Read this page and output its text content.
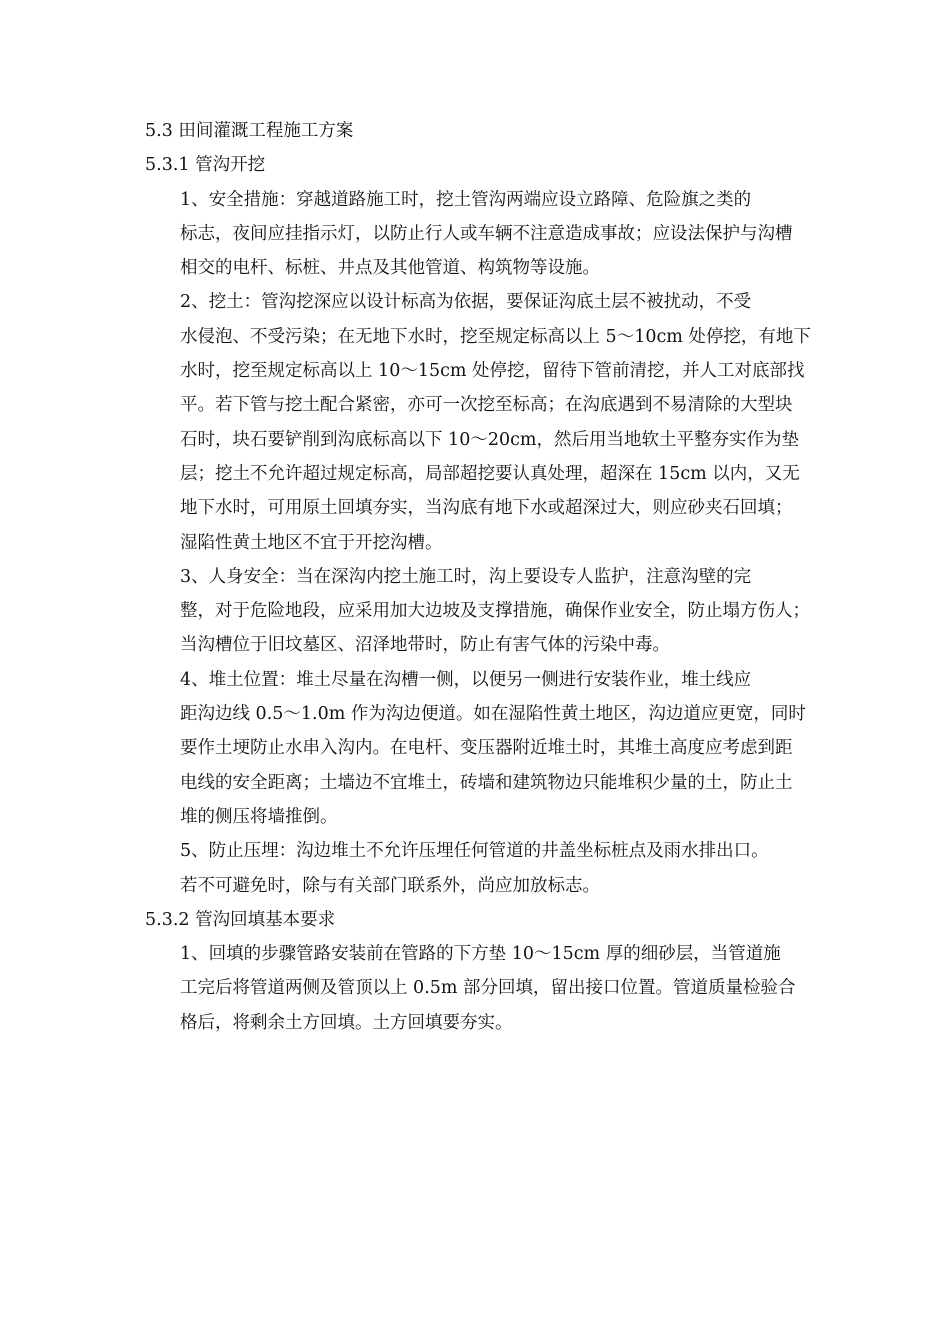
5.3 田间灌溉工程施工方案
5.3.1 管沟开挖
1、安全措施：穿越道路施工时，挖土管沟两端应设立路障、危险旗之类的
标志，夜间应挂指示灯，以防止行人或车辆不注意造成事故；应设法保护与沟槽
相交的电杆、标桩、井点及其他管道、构筑物等设施。
2、挖土：管沟挖深应以设计标高为依据，要保证沟底土层不被扰动，不受
水侵泡、不受污染；在无地下水时，挖至规定标高以上 5～10cm 处停挖，有地下
水时，挖至规定标高以上 10～15cm 处停挖，留待下管前清挖，并人工对底部找
平。若下管与挖土配合紧密，亦可一次挖至标高；在沟底遇到不易清除的大型块
石时，块石要铲削到沟底标高以下 10～20cm，然后用当地软土平整夯实作为垫
层；挖土不允许超过规定标高，局部超挖要认真处理，超深在 15cm 以内，又无
地下水时，可用原土回填夯实，当沟底有地下水或超深过大，则应砂夹石回填；
湿陷性黄土地区不宜于开挖沟槽。
3、人身安全：当在深沟内挖土施工时，沟上要设专人监护，注意沟壁的完
整，对于危险地段，应采用加大边坡及支撑措施，确保作业安全，防止塌方伤人；
当沟槽位于旧坟墓区、沼泽地带时，防止有害气体的污染中毒。
4、堆土位置：堆土尽量在沟槽一侧，以便另一侧进行安装作业，堆土线应
距沟边线 0.5～1.0m 作为沟边便道。如在湿陷性黄土地区，沟边道应更宽，同时
要作土埂防止水串入沟内。在电杆、变压器附近堆土时，其堆土高度应考虑到距
电线的安全距离；土墙边不宜堆土，砖墙和建筑物边只能堆积少量的土，防止土
堆的侧压将墙推倒。
5、防止压埋：沟边堆土不允许压埋任何管道的井盖坐标桩点及雨水排出口。
若不可避免时，除与有关部门联系外，尚应加放标志。
5.3.2 管沟回填基本要求
1、回填的步骤管路安装前在管路的下方垫 10～15cm 厚的细砂层，当管道施
工完后将管道两侧及管顶以上 0.5m 部分回填，留出接口位置。管道质量检验合
格后，将剩余土方回填。土方回填要夯实。
